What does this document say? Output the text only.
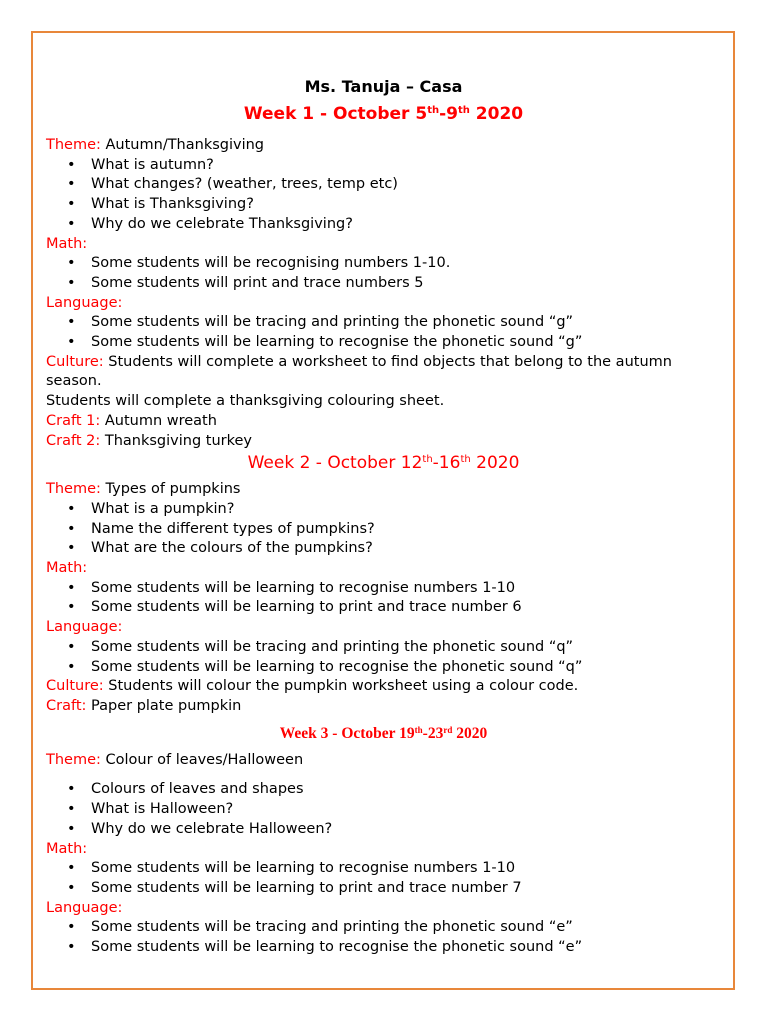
Ms. Tanuja – Casa

Week 1 - October 5th-9th 2020

Theme: Autumn/Thanksgiving

• What is autumn?
• What changes? (weather, trees, temp etc)
• What is Thanksgiving?
• Why do we celebrate Thanksgiving?

Math:

• Some students will be recognising numbers 1-10.
• Some students will print and trace numbers 5

Language:

• Some students will be tracing and printing the phonetic sound “g”
• Some students will be learning to recognise the phonetic sound “g”

Culture: Students will complete a worksheet to find objects that belong to the autumn season.

Students will complete a thanksgiving colouring sheet.

Craft 1: Autumn wreath

Craft 2: Thanksgiving turkey

Week 2 - October 12th-16th 2020

Theme: Types of pumpkins

• What is a pumpkin?
• Name the different types of pumpkins?
• What are the colours of the pumpkins?

Math:

• Some students will be learning to recognise numbers 1-10
• Some students will be learning to print and trace number 6

Language:

• Some students will be tracing and printing the phonetic sound “q”
• Some students will be learning to recognise the phonetic sound “q”

Culture: Students will colour the pumpkin worksheet using a colour code.

Craft: Paper plate pumpkin

Week 3 - October 19th-23rd 2020

Theme: Colour of leaves/Halloween

• Colours of leaves and shapes
• What is Halloween?
• Why do we celebrate Halloween?

Math:

• Some students will be learning to recognise numbers 1-10
• Some students will be learning to print and trace number 7

Language:

• Some students will be tracing and printing the phonetic sound “e”
• Some students will be learning to recognise the phonetic sound “e”
